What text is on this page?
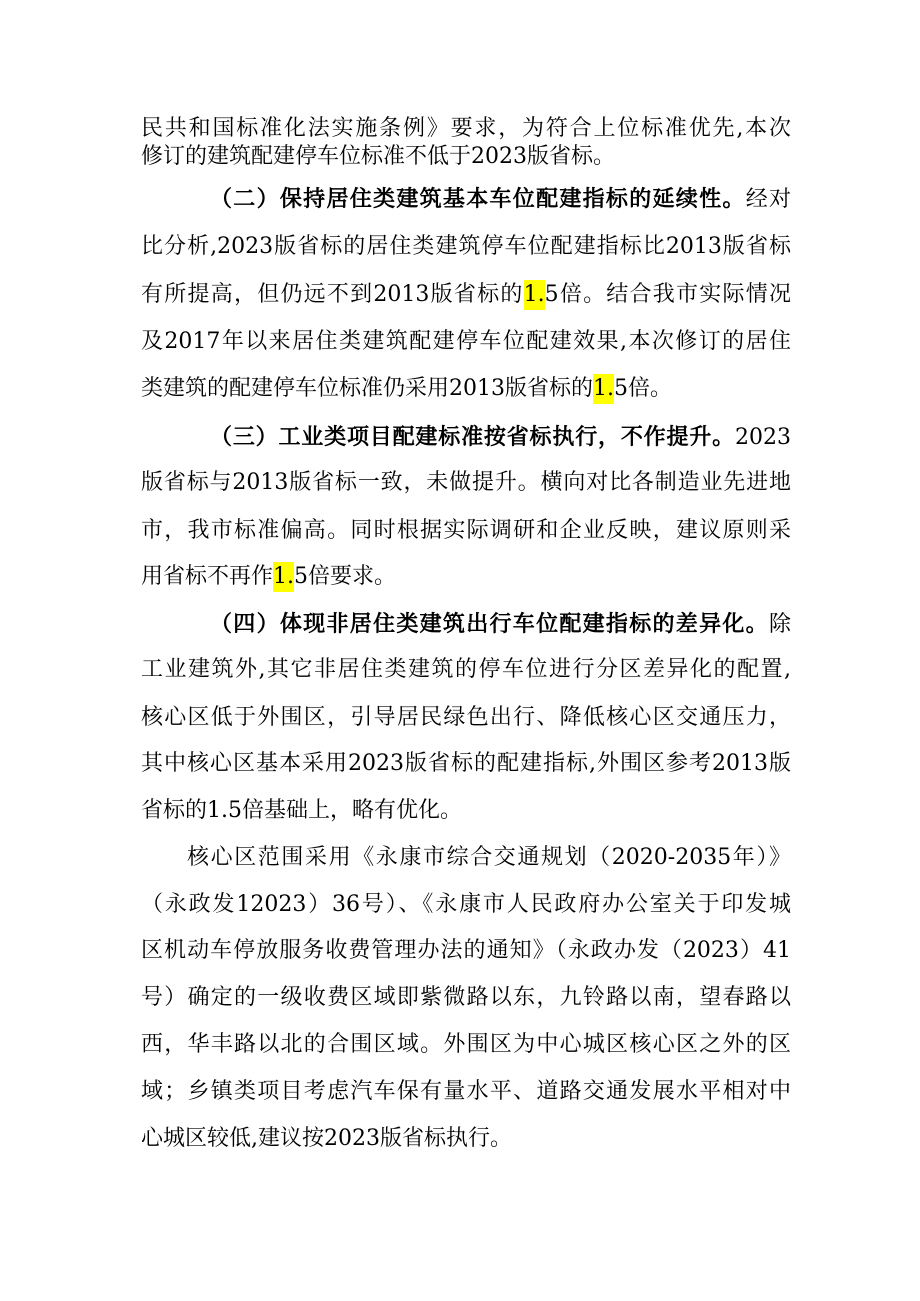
民共和国标准化法实施条例》要求，为符合上位标准优先,本次
修订的建筑配建停车位标准不低于2023版省标。
（二）保持居住类建筑基本车位配建指标的延续性。经对
比分析,2023版省标的居住类建筑停车位配建指标比2013版省标
有所提高，但仍远不到2013版省标的1.5倍。结合我市实际情况
及2017年以来居住类建筑配建停车位配建效果,本次修订的居住
类建筑的配建停车位标准仍采用2013版省标的1.5倍。
（三）工业类项目配建标准按省标执行，不作提升。2023
版省标与2013版省标一致，未做提升。横向对比各制造业先进地
市，我市标准偏高。同时根据实际调研和企业反映，建议原则采
用省标不再作1.5倍要求。
（四）体现非居住类建筑出行车位配建指标的差异化。除
工业建筑外,其它非居住类建筑的停车位进行分区差异化的配置,
核心区低于外围区，引导居民绿色出行、降低核心区交通压力，
其中核心区基本采用2023版省标的配建指标,外围区参考2013版
省标的1.5倍基础上，略有优化。
核心区范围采用《永康市综合交通规划（2020-2035年）》
（永政发12023）36号）、《永康市人民政府办公室关于印发城
区机动车停放服务收费管理办法的通知》（永政办发（2023）41
号）确定的一级收费区域即紫微路以东，九铃路以南，望春路以
西，华丰路以北的合围区域。外围区为中心城区核心区之外的区
域；乡镇类项目考虑汽车保有量水平、道路交通发展水平相对中
心城区较低,建议按2023版省标执行。
